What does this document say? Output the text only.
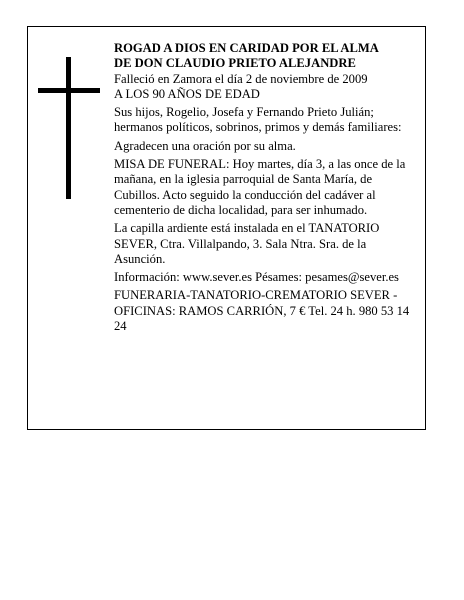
ROGAD A DIOS EN CARIDAD POR EL ALMA

DE DON CLAUDIO PRIETO ALEJANDRE

Falleció en Zamora el día 2 de noviembre de 2009

A LOS 90 AÑOS DE EDAD

Sus hijos, Rogelio, Josefa y Fernando Prieto Julián; hermanos políticos, sobrinos, primos y demás familiares:

Agradecen una oración por su alma.

MISA DE FUNERAL: Hoy martes, día 3, a las once de la mañana, en la iglesia parroquial de Santa María, de Cubillos. Acto seguido la conducción del cadáver al cementerio de dicha localidad, para ser inhumado.

La capilla ardiente está instalada en el TANATORIO SEVER, Ctra. Villalpando, 3. Sala Ntra. Sra. de la Asunción.

Información: www.sever.es Pésames: pesames@sever.es

FUNERARIA-TANATORIO-CREMATORIO SEVER - OFICINAS: RAMOS CARRIÓN, 7 € Tel. 24 h. 980 53 14 24
